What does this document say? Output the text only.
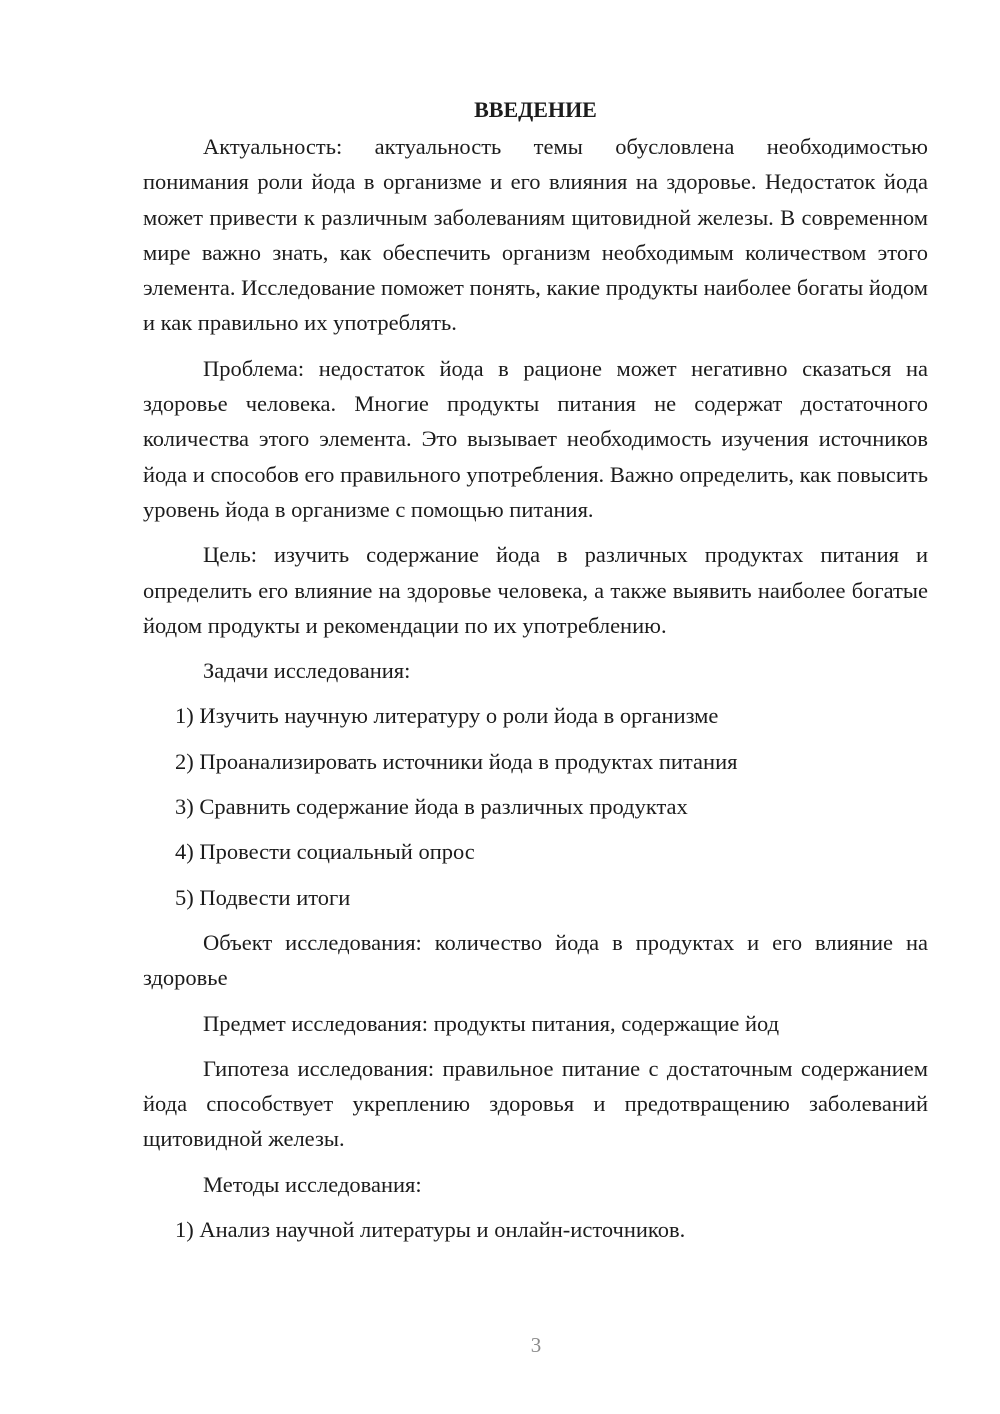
ВВЕДЕНИЕ

Актуальность: актуальность темы обусловлена необходимостью понимания роли йода в организме и его влияния на здоровье. Недостаток йода может привести к различным заболеваниям щитовидной железы. В современном мире важно знать, как обеспечить организм необходимым количеством этого элемента. Исследование поможет понять, какие продукты наиболее богаты йодом и как правильно их употреблять.

Проблема: недостаток йода в рационе может негативно сказаться на здоровье человека. Многие продукты питания не содержат достаточного количества этого элемента. Это вызывает необходимость изучения источников йода и способов его правильного употребления. Важно определить, как повысить уровень йода в организме с помощью питания.

Цель: изучить содержание йода в различных продуктах питания и определить его влияние на здоровье человека, а также выявить наиболее богатые йодом продукты и рекомендации по их употреблению.

Задачи исследования:

1) Изучить научную литературу о роли йода в организме

2) Проанализировать источники йода в продуктах питания

3) Сравнить содержание йода в различных продуктах

4) Провести социальный опрос

5) Подвести итоги

Объект исследования: количество йода в продуктах и его влияние на здоровье

Предмет исследования: продукты питания, содержащие йод

Гипотеза исследования: правильное питание с достаточным содержанием йода способствует укреплению здоровья и предотвращению заболеваний щитовидной железы.

Методы исследования:

1) Анализ научной литературы и онлайн-источников.

3
